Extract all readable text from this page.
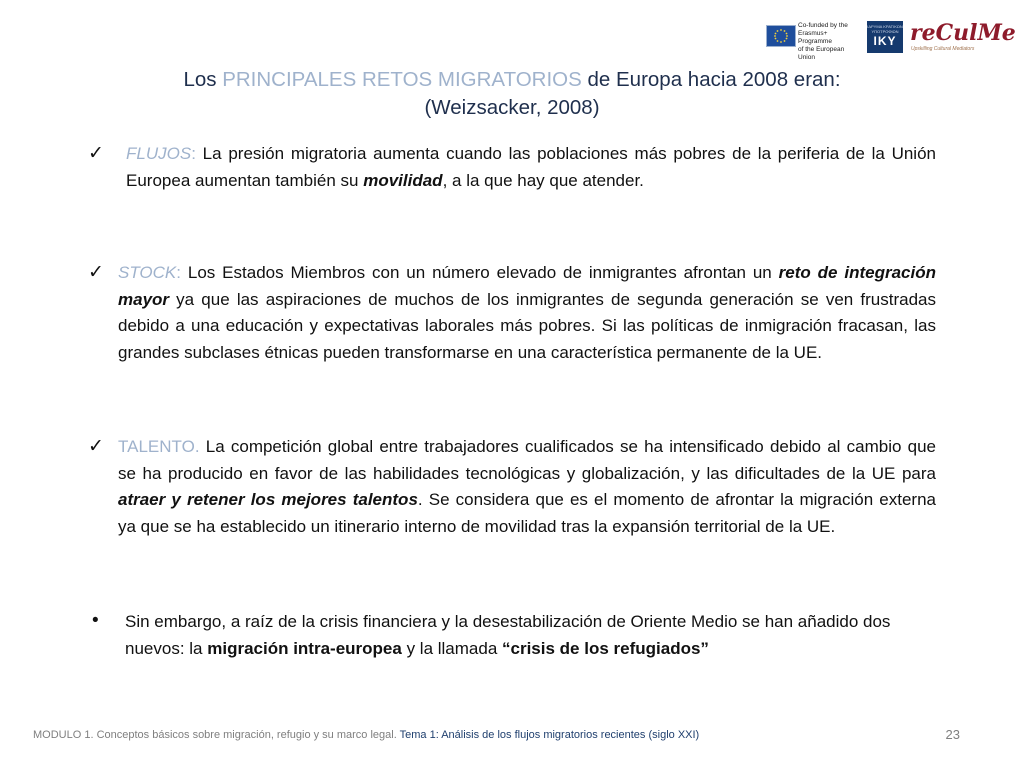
Co-funded by the
Erasmus+ Programme
of the European Union
ΙΔΡΥΜΑ ΚΡΑΤΙΚΩΝ ΥΠΟΤΡΟΦΙΩΝ
IKY reCulMe
Upskilling Cultural Mediators
Los PRINCIPALES RETOS MIGRATORIOS de Europa hacia 2008 eran:
(Weizsacker, 2008)
✓ FLUJOS: La presión migratoria aumenta cuando las poblaciones más pobres de la periferia de la Unión Europea aumentan también su movilidad, a la que hay que atender.
✓ STOCK: Los Estados Miembros con un número elevado de inmigrantes afrontan un reto de integración mayor ya que las aspiraciones de muchos de los inmigrantes de segunda generación se ven frustradas debido a una educación y expectativas laborales más pobres. Si las políticas de inmigración fracasan, las grandes subclases étnicas pueden transformarse en una característica permanente de la UE.
✓ TALENTO. La competición global entre trabajadores cualificados se ha intensificado debido al cambio que se ha producido en favor de las habilidades tecnológicas y globalización, y las dificultades de la UE para atraer y retener los mejores talentos. Se considera que es el momento de afrontar la migración externa ya que se ha establecido un itinerario interno de movilidad tras la expansión territorial de la UE.
• Sin embargo, a raíz de la crisis financiera y la desestabilización de Oriente Medio se han añadido dos nuevos: la migración intra-europea y la llamada “crisis de los refugiados”
MODULO 1. Conceptos básicos sobre migración, refugio y su marco legal. Tema 1: Análisis de los flujos migratorios recientes (siglo XXI)	23
